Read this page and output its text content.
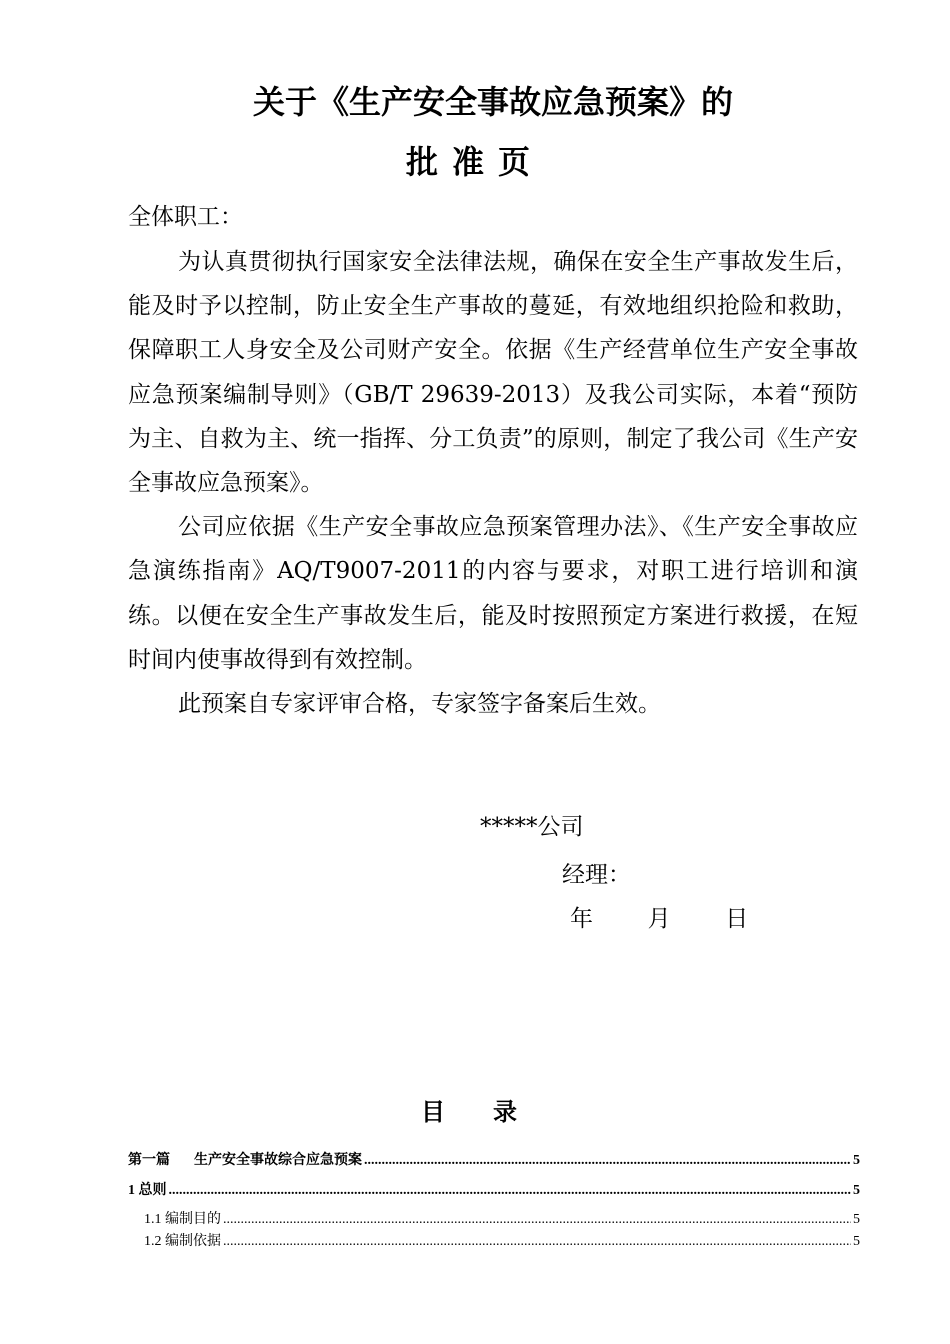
关于《生产安全事故应急预案》的
批准页
全体职工：

为认真贯彻执行国家安全法律法规，确保在安全生产事故发生后，能及时予以控制，防止安全生产事故的蔓延，有效地组织抢险和救助，保障职工人身安全及公司财产安全。依据《生产经营单位生产安全事故应急预案编制导则》（GB/T 29639-2013）及我公司实际，本着“预防为主、自救为主、统一指挥、分工负责”的原则，制定了我公司《生产安全事故应急预案》。

公司应依据《生产安全事故应急预案管理办法》、《生产安全事故应急演练指南》AQ/T9007-2011的内容与要求，对职工进行培训和演练。以便在安全生产事故发生后，能及时按照预定方案进行救援，在短时间内使事故得到有效控制。

此预案自专家评审合格，专家签字备案后生效。

*****公司
经理：
年 月 日
目录
第一篇 生产安全事故综合应急预案 .....	5
1 总则 .....	5
1.1 编制目的 .....	5
1.2 编制依据 .....	5
